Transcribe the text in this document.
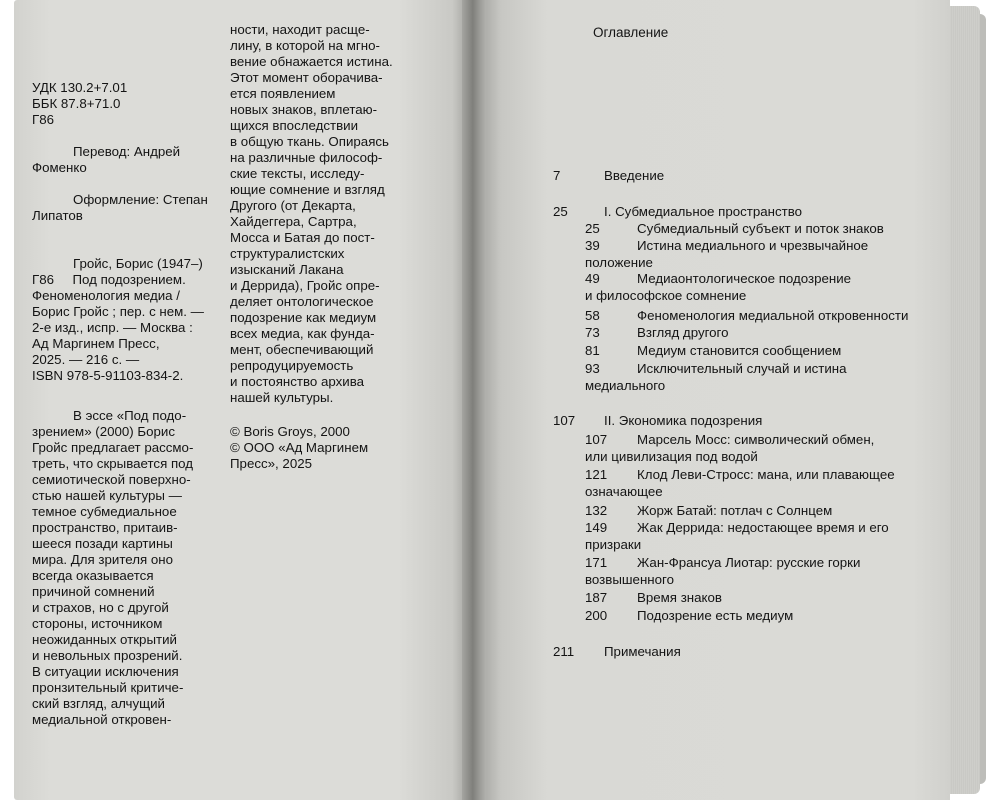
УДК 130.2+7.01
ББК 87.8+71.0
Г86
Перевод: Андрей
Фоменко
Оформление: Степан
Липатов
Гройс, Борис (1947–)
Г86     Под подозрением.
Феноменология медиа /
Борис Гройс ; пер. с нем. —
2-е изд., испр. — Москва :
Ад Маргинем Пресс,
2025. — 216 с. —
ISBN 978-5-91103-834-2.
В эссе «Под подо-
зрением» (2000) Борис
Гройс предлагает рассмо-
треть, что скрывается под
семиотической поверхно-
стью нашей культуры —
темное субмедиальное
пространство, притаив-
шееся позади картины
мира. Для зрителя оно
всегда оказывается
причиной сомнений
и страхов, но с другой
стороны, источником
неожиданных открытий
и невольных прозрений.
В ситуации исключения
пронзительный критиче-
ский взгляд, алчущий
медиальной откровен-
ности, находит расще-
лину, в которой на мгно-
вение обнажается истина.
Этот момент оборачива-
ется появлением
новых знаков, вплетаю-
щихся впоследствии
в общую ткань. Опираясь
на различные философ-
ские тексты, исследу-
ющие сомнение и взгляд
Другого (от Декарта,
Хайдеггера, Сартра,
Мосса и Батая до пост-
структуралистских
изысканий Лакана
и Деррида), Гройс опре-
деляет онтологическое
подозрение как медиум
всех медиа, как фунда-
мент, обеспечивающий
репродуцируемость
и постоянство архива
нашей культуры.
© Boris Groys, 2000
© ООО «Ад Маргинем
Пресс», 2025
Оглавление
7	Введение
25	I. Субмедиальное пространство
25	Субмедиальный субъект и поток знаков
39	Истина медиального и чрезвычайное
положение
49	Медиаонтологическое подозрение
и философское сомнение
58	Феноменология медиальной откровенности
73	Взгляд другого
81	Медиум становится сообщением
93	Исключительный случай и истина
медиального
107 II. Экономика подозрения
107 Марсель Мосс: символический обмен,
или цивилизация под водой
121 Клод Леви-Стросс: мана, или плавающее
означающее
132 Жорж Батай: потлач с Солнцем
149 Жак Деррида: недостающее время и его
призраки
171 Жан-Франсуа Лиотар: русские горки
возвышенного
187 Время знаков
200 Подозрение есть медиум
211 Примечания
